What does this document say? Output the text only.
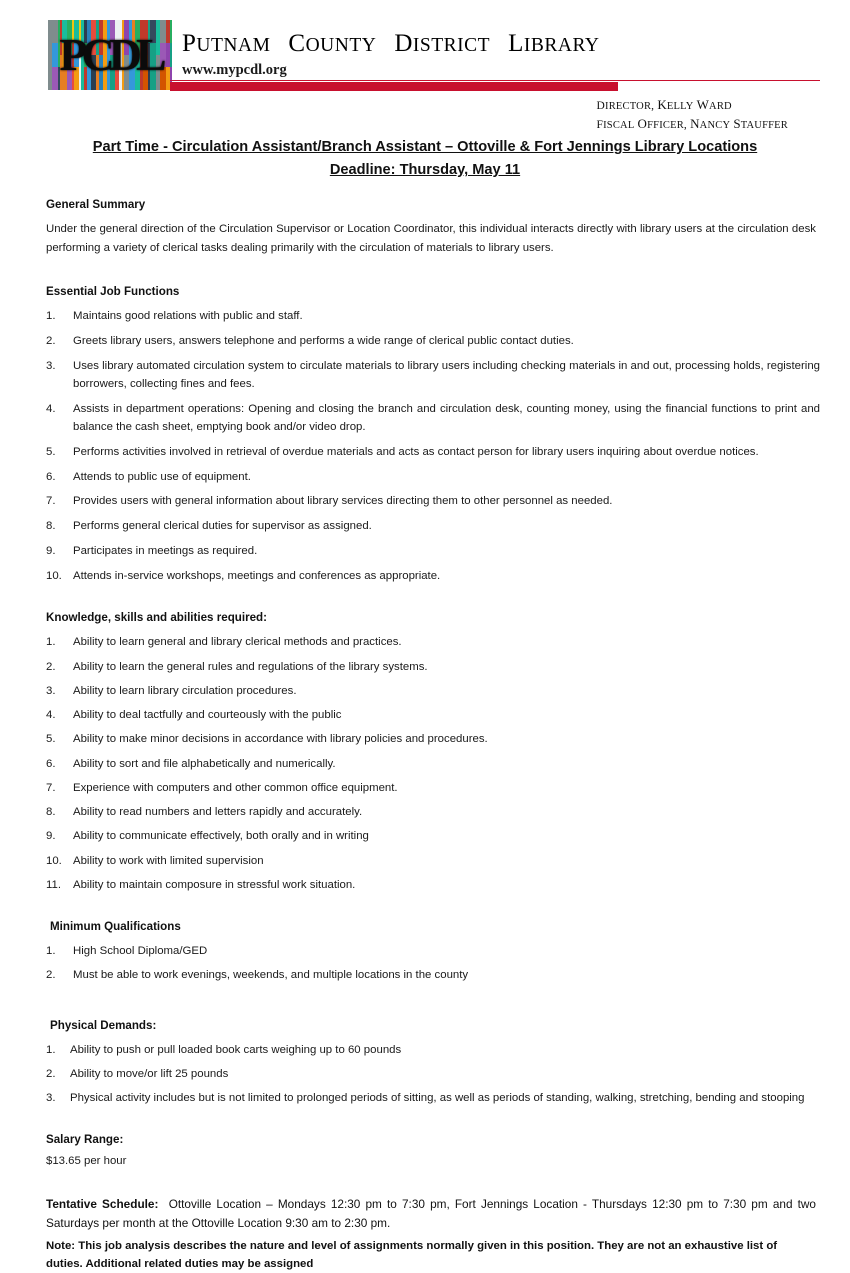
PCDL PUTNAM COUNTY DISTRICT LIBRARY
www.mypcdl.org
DIRECTOR, KELLY WARD
FISCAL OFFICER, NANCY STAUFFER
Part Time - Circulation Assistant/Branch Assistant – Ottoville & Fort Jennings Library Locations
Deadline: Thursday, May 11
General Summary

Under the general direction of the Circulation Supervisor or Location Coordinator, this individual interacts directly with library users at the circulation desk performing a variety of clerical tasks dealing primarily with the circulation of materials to library users.

Essential Job Functions
1.	Maintains good relations with public and staff.
2.	Greets library users, answers telephone and performs a wide range of clerical public contact duties.
3.	Uses library automated circulation system to circulate materials to library users including checking materials in and out, processing holds, registering borrowers, collecting fines and fees.
4.	Assists in department operations: Opening and closing the branch and circulation desk, counting money, using the financial functions to print and balance the cash sheet, emptying book and/or video drop.
5.	Performs activities involved in retrieval of overdue materials and acts as contact person for library users inquiring about overdue notices.
6.	Attends to public use of equipment.
7.	Provides users with general information about library services directing them to other personnel as needed.
8.	Performs general clerical duties for supervisor as assigned.
9.	Participates in meetings as required.
10. Attends in-service workshops, meetings and conferences as appropriate.
Knowledge, skills and abilities required:
1.	Ability to learn general and library clerical methods and practices.
2.	Ability to learn the general rules and regulations of the library systems.
3.	Ability to learn library circulation procedures.
4.	Ability to deal tactfully and courteously with the public
5.	Ability to make minor decisions in accordance with library policies and procedures.
6.	Ability to sort and file alphabetically and numerically.
7.	Experience with computers and other common office equipment.
8.	Ability to read numbers and letters rapidly and accurately.
9.	Ability to communicate effectively, both orally and in writing
10. Ability to work with limited supervision
11.	Ability to maintain composure in stressful work situation.
Minimum Qualifications
1.	High School Diploma/GED
2.	Must be able to work evenings, weekends, and multiple locations in the county
Physical Demands:
1.	Ability to push or pull loaded book carts weighing up to 60 pounds
2.	Ability to move/or lift 25 pounds
3.	Physical activity includes but is not limited to prolonged periods of sitting, as well as periods of standing, walking, stretching, bending and stooping
Salary Range:
$13.65 per hour
Tentative Schedule: Ottoville Location – Mondays 12:30 pm to 7:30 pm, Fort Jennings Location - Thursdays 12:30 pm to 7:30 pm and two Saturdays per month at the Ottoville Location 9:30 am to 2:30 pm.
Note: This job analysis describes the nature and level of assignments normally given in this position. They are not an exhaustive list of duties. Additional related duties may be assigned
